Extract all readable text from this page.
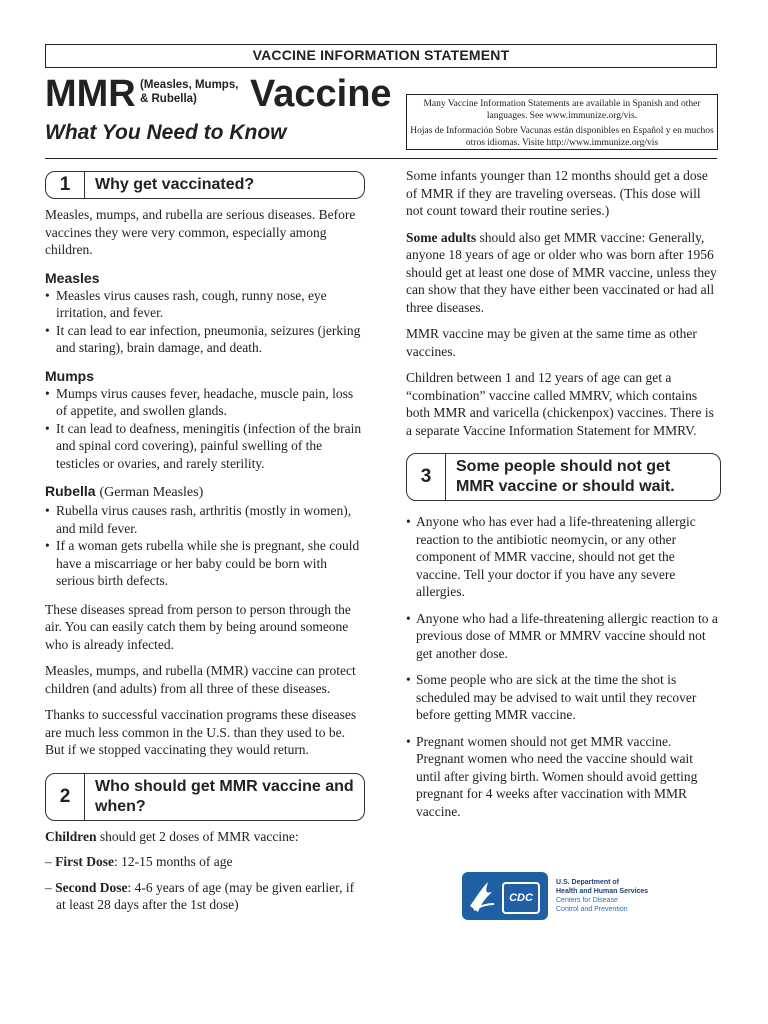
VACCINE INFORMATION STATEMENT
MMR (Measles, Mumps,
& Rubella)	Vaccine
What You Need to Know

Many Vaccine Information Statements are available in Spanish and other languages. See www.immunize.org/vis.

Hojas de Información Sobre Vacunas están disponibles en Español y en muchos otros idiomas. Visite http://www.immunize.org/vis

1	Why get vaccinated?

Measles, mumps, and rubella are serious diseases. Before vaccines they were very common, especially among children.

Measles
• Measles virus causes rash, cough, runny nose, eye irritation, and fever.
• It can lead to ear infection, pneumonia, seizures (jerking and staring), brain damage, and death.
Mumps
• Mumps virus causes fever, headache, muscle pain, loss of appetite, and swollen glands.
• It can lead to deafness, meningitis (infection of the brain and spinal cord covering), painful swelling of the testicles or ovaries, and rarely sterility.
Rubella (German Measles)
• Rubella virus causes rash, arthritis (mostly in women), and mild fever.
• If a woman gets rubella while she is pregnant, she could have a miscarriage or her baby could be born with serious birth defects.

These diseases spread from person to person through the air. You can easily catch them by being around someone who is already infected.

Measles, mumps, and rubella (MMR) vaccine can protect children (and adults) from all three of these diseases.

Thanks to successful vaccination programs these diseases are much less common in the U.S. than they used to be. But if we stopped vaccinating they would return.

2	Who should get MMR vaccine and when?

Children should get 2 doses of MMR vaccine:

– First Dose: 12-15 months of age

– Second Dose: 4-6 years of age (may be given earlier, if at least 28 days after the 1st dose)

Some infants younger than 12 months should get a dose of MMR if they are traveling overseas. (This dose will not count toward their routine series.)

Some adults should also get MMR vaccine: Generally, anyone 18 years of age or older who was born after 1956 should get at least one dose of MMR vaccine, unless they can show that they have either been vaccinated or had all three diseases.

MMR vaccine may be given at the same time as other vaccines.

Children between 1 and 12 years of age can get a “combination” vaccine called MMRV, which contains both MMR and varicella (chickenpox) vaccines. There is a separate Vaccine Information Statement for MMRV.

3	Some people should not get MMR vaccine or should wait.
• Anyone who has ever had a life-threatening allergic reaction to the antibiotic neomycin, or any other component of MMR vaccine, should not get the vaccine. Tell your doctor if you have any severe allergies.
• Anyone who had a life-threatening allergic reaction to a previous dose of MMR or MMRV vaccine should not get another dose.
• Some people who are sick at the time the shot is scheduled may be advised to wait until they recover before getting MMR vaccine.
• Pregnant women should not get MMR vaccine. Pregnant women who need the vaccine should wait until after giving birth. Women should avoid getting pregnant for 4 weeks after vaccination with MMR vaccine.
CDC
U.S. Department of
Health and Human Services
Centers for Disease
Control and Prevention
